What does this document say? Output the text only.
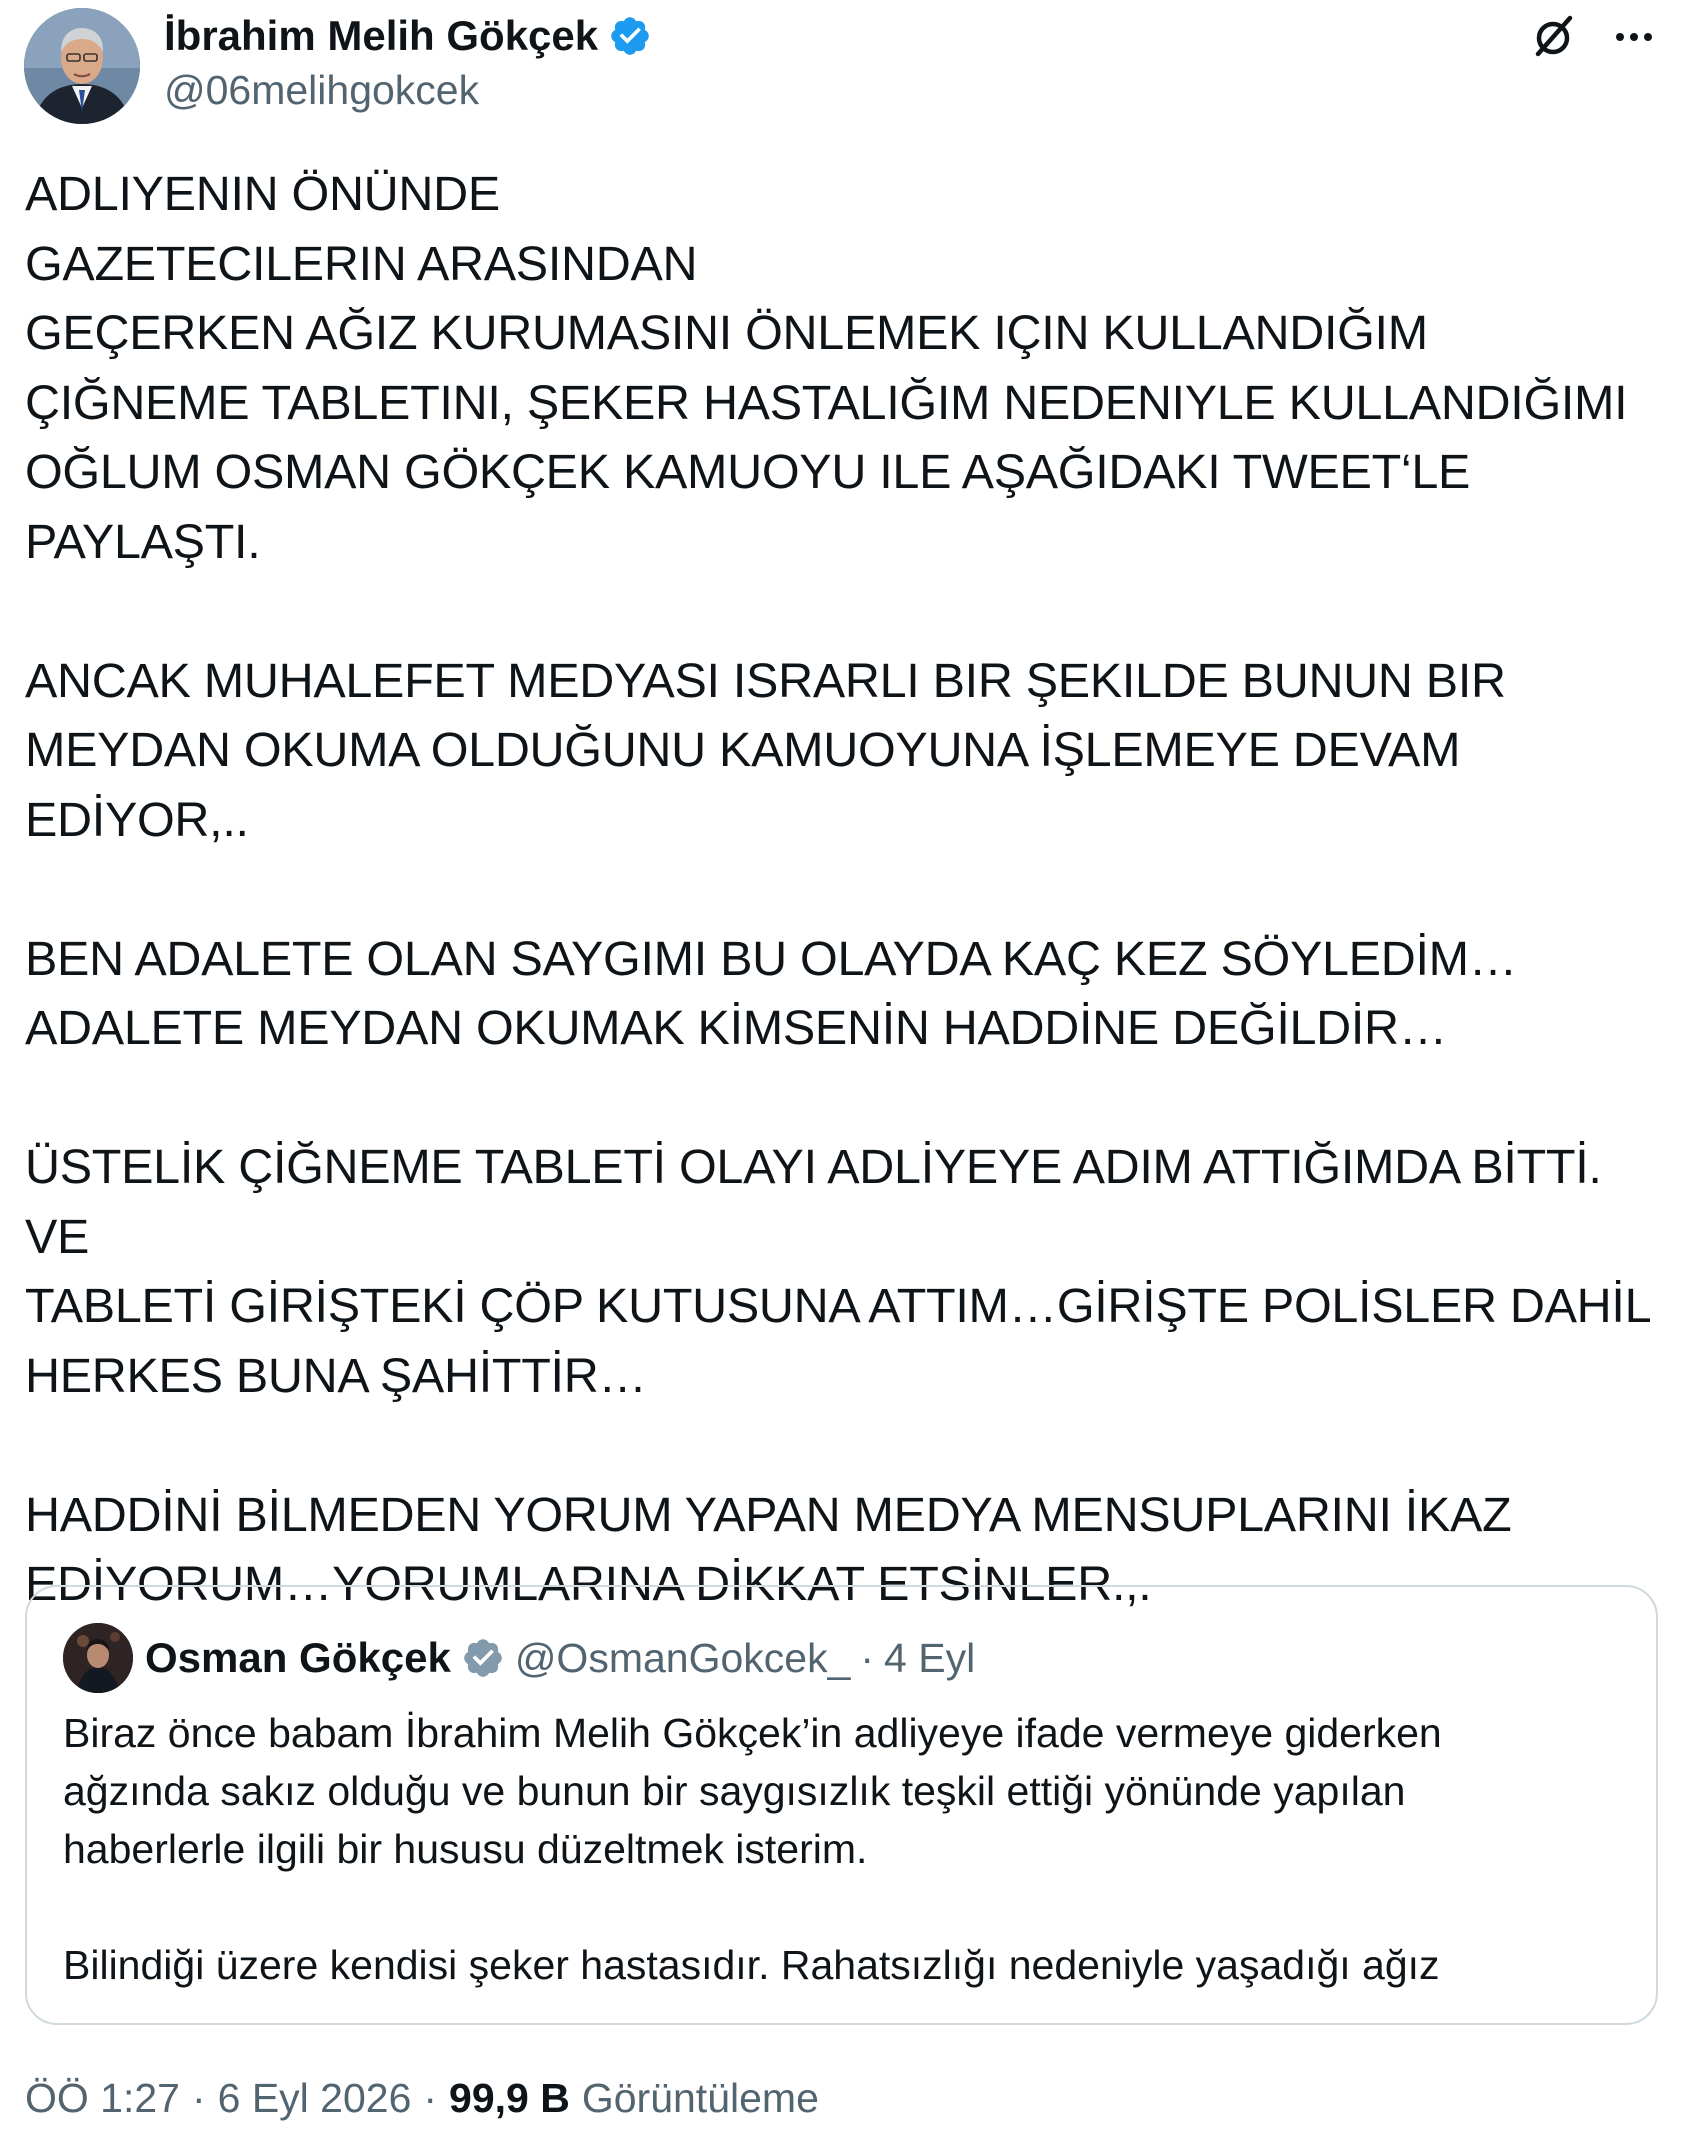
İbrahim Melih Gökçek
@06melihgokcek
ADLIYENIN ÖNÜNDE
GAZETECILERIN ARASINDAN
GEÇERKEN AĞIZ KURUMASINI ÖNLEMEK IÇIN KULLANDIĞIM
ÇIĞNEME TABLETINI, ŞEKER HASTALIĞIM NEDENIYLE KULLANDIĞIMI
OĞLUM OSMAN GÖKÇEK KAMUOYU ILE AŞAĞIDAKI TWEET‘LE
PAYLAŞTI.
ANCAK MUHALEFET MEDYASI ISRARLI BIR ŞEKILDE BUNUN BIR
MEYDAN OKUMA OLDUĞUNU KAMUOYUNA İŞLEMEYE DEVAM
EDİYOR,..
BEN ADALETE OLAN SAYGIMI BU OLAYDA KAÇ KEZ SÖYLEDİM…
ADALETE MEYDAN OKUMAK KİMSENİN HADDİNE DEĞİLDİR…
ÜSTELİK ÇİĞNEME TABLETİ OLAYI ADLİYEYE ADIM ATTIĞIMDA BİTTİ. VE
TABLETİ GİRİŞTEKİ ÇÖP KUTUSUNA ATTIM…GİRİŞTE POLİSLER DAHİL
HERKES BUNA ŞAHİTTİR…
HADDİNİ BİLMEDEN YORUM YAPAN MEDYA MENSUPLARINI İKAZ
EDİYORUM…YORUMLARINA DİKKAT ETSİNLER.,.
Osman Gökçek @OsmanGokcek_ · 4 Eyl
Biraz önce babam İbrahim Melih Gökçek’in adliyeye ifade vermeye giderken
ağzında sakız olduğu ve bunun bir saygısızlık teşkil ettiği yönünde yapılan
haberlerle ilgili bir hususu düzeltmek isterim.
Bilindiği üzere kendisi şeker hastasıdır. Rahatsızlığı nedeniyle yaşadığı ağız
ÖÖ 1:27 · 6 Eyl 2026 · 99,9 B Görüntüleme
